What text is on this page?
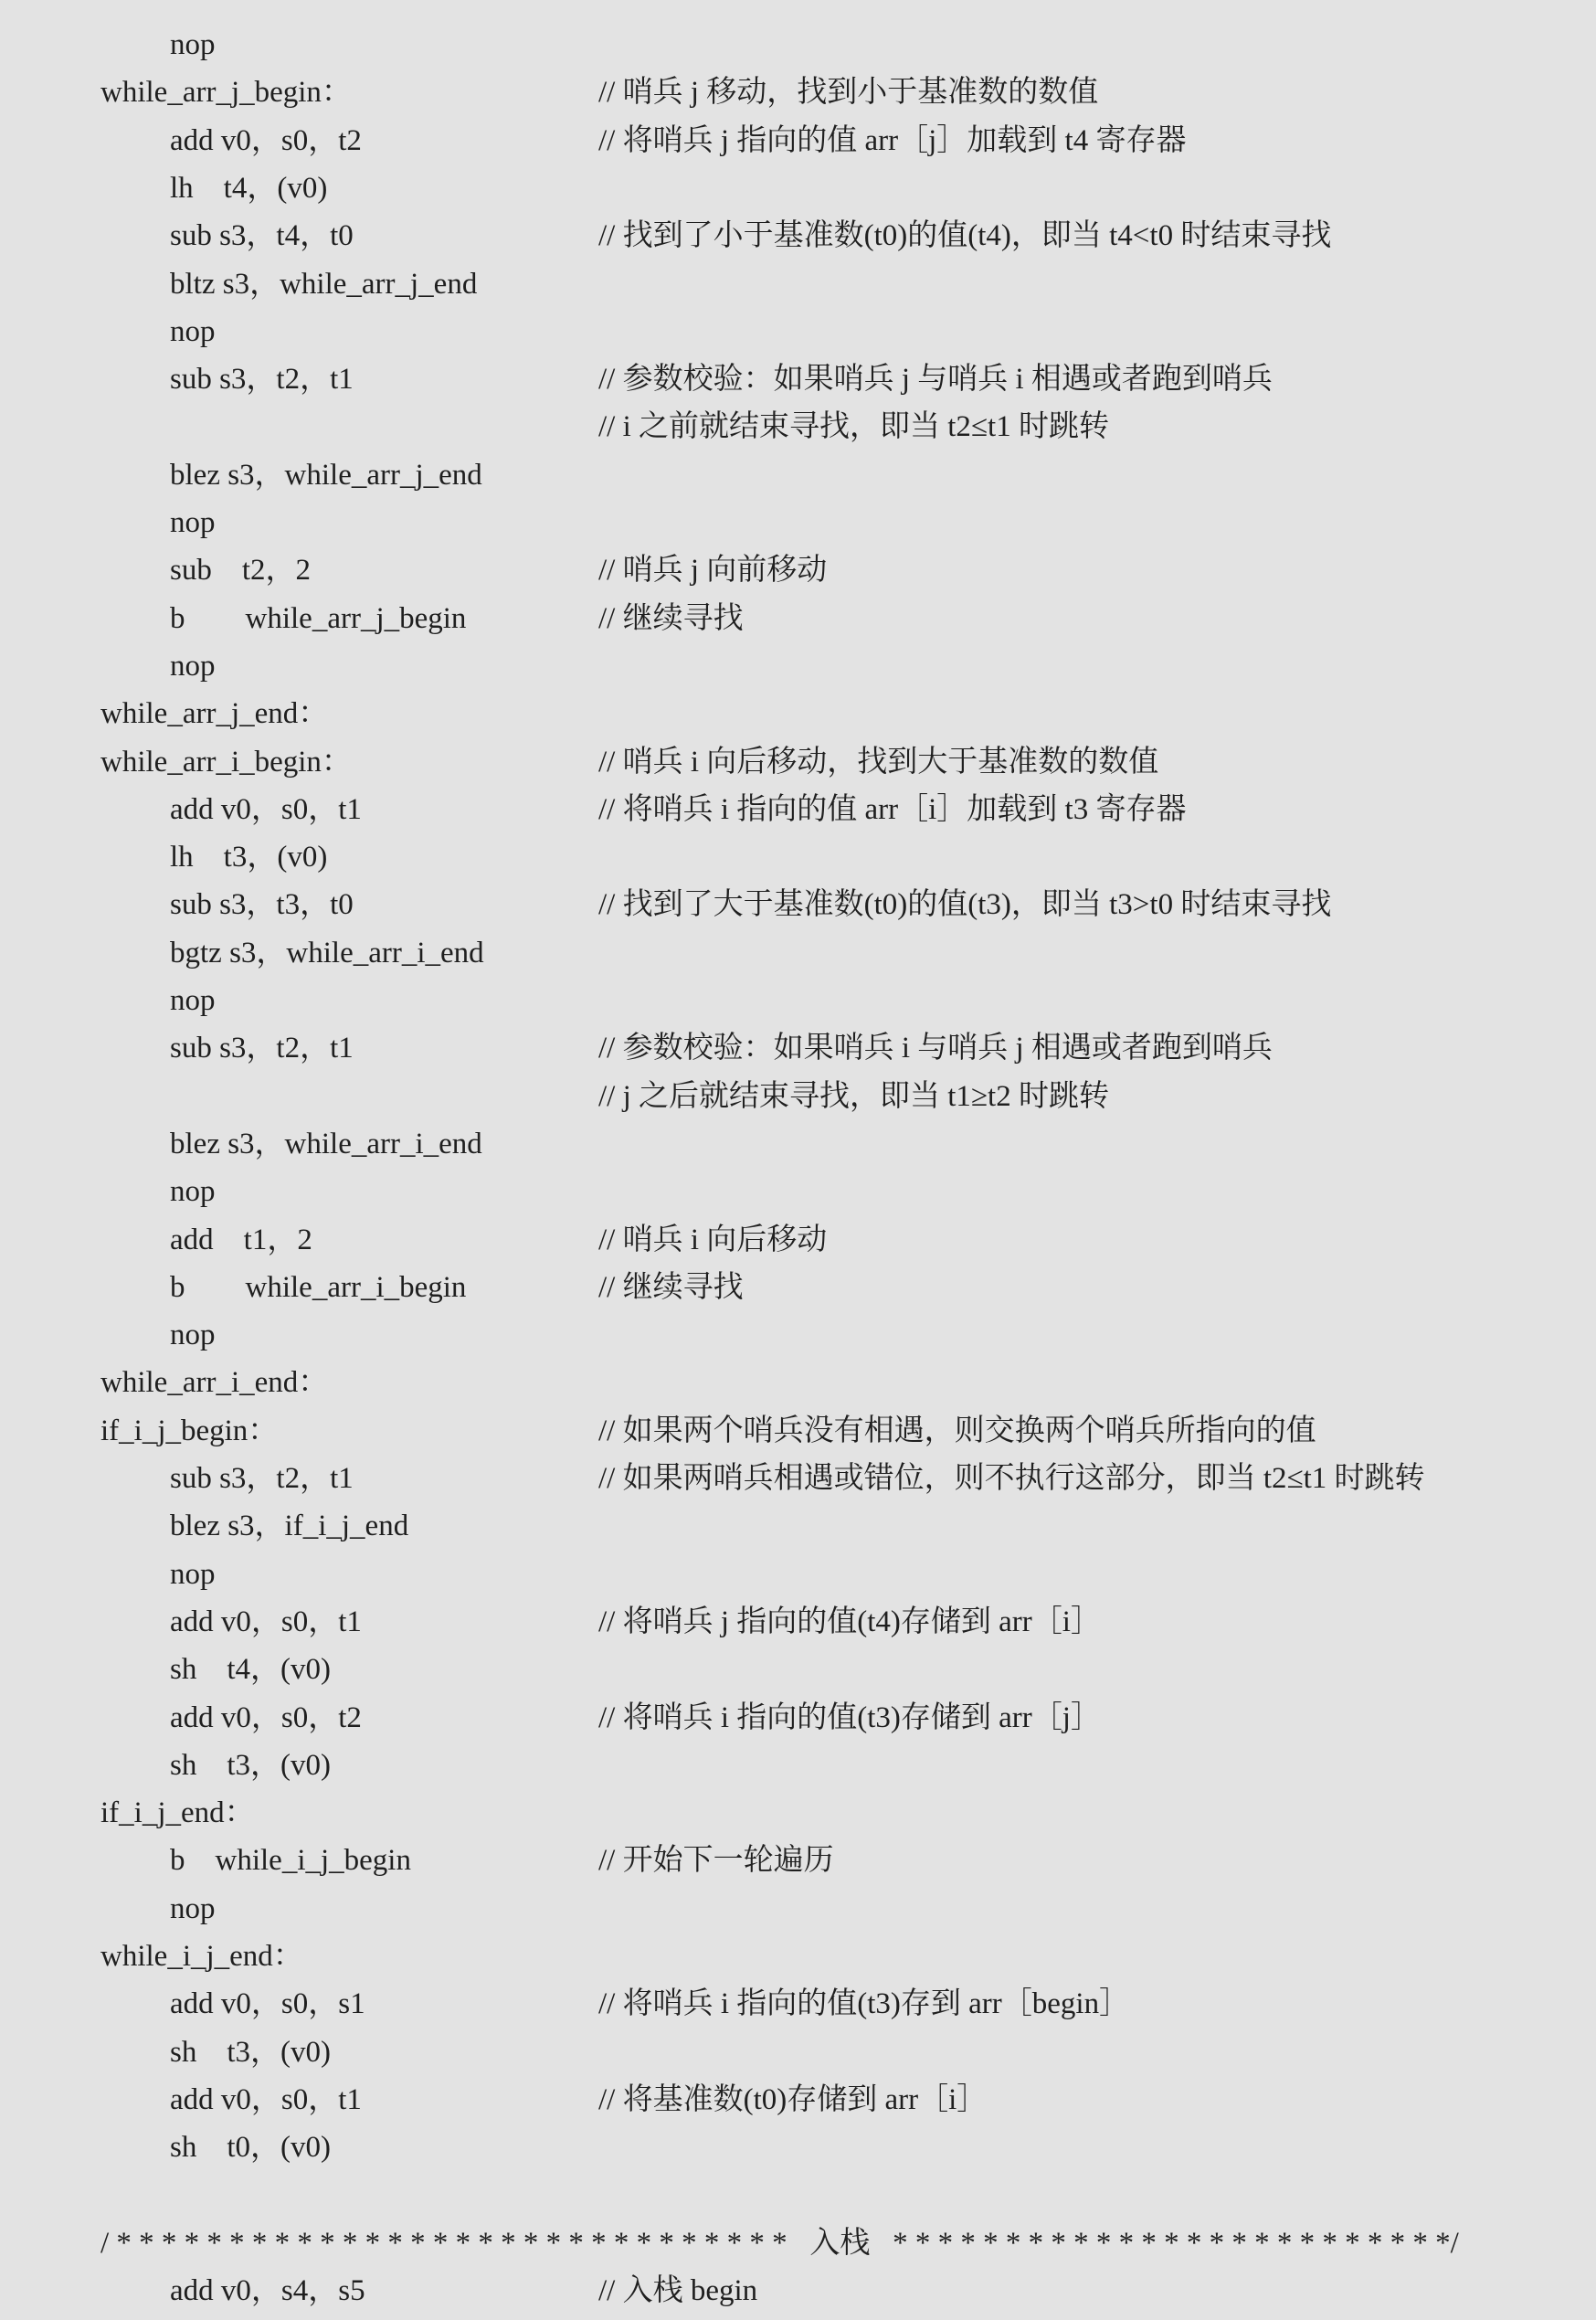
nop
while_arr_j_begin：	// 哨兵 j 移动，找到小于基准数的数值
add v0，s0，t2	// 将哨兵 j 指向的值 arr［j］加载到 t4 寄存器
lh    t4，(v0)
sub s3，t4，t0	// 找到了小于基准数(t0)的值(t4)，即当 t4<t0 时结束寻找
bltz s3，while_arr_j_end
nop
sub s3，t2，t1	// 参数校验：如果哨兵 j 与哨兵 i 相遇或者跑到哨兵
// i 之前就结束寻找，即当 t2≤t1 时跳转
blez s3，while_arr_j_end
nop
sub    t2，2	// 哨兵 j 向前移动
b        while_arr_j_begin	// 继续寻找
nop
while_arr_j_end：
while_arr_i_begin：	// 哨兵 i 向后移动，找到大于基准数的数值
add v0，s0，t1	// 将哨兵 i 指向的值 arr［i］加载到 t3 寄存器
lh    t3，(v0)
sub s3，t3，t0	// 找到了大于基准数(t0)的值(t3)，即当 t3>t0 时结束寻找
bgtz s3，while_arr_i_end
nop
sub s3，t2，t1	// 参数校验：如果哨兵 i 与哨兵 j 相遇或者跑到哨兵
// j 之后就结束寻找，即当 t1≥t2 时跳转
blez s3，while_arr_i_end
nop
add    t1，2	// 哨兵 i 向后移动
b        while_arr_i_begin	// 继续寻找
nop
while_arr_i_end：
if_i_j_begin：	// 如果两个哨兵没有相遇，则交换两个哨兵所指向的值
sub s3，t2，t1	// 如果两哨兵相遇或错位，则不执行这部分，即当 t2≤t1 时跳转
blez s3，if_i_j_end
nop
add v0，s0，t1	// 将哨兵 j 指向的值(t4)存储到 arr［i］
sh    t4，(v0)
add v0，s0，t2	// 将哨兵 i 指向的值(t3)存储到 arr［j］
sh    t3，(v0)
if_i_j_end：
b    while_i_j_begin	// 开始下一轮遍历
nop
while_i_j_end：
add v0，s0，s1	// 将哨兵 i 指向的值(t3)存到 arr［begin］
sh    t3，(v0)
add v0，s0，t1	// 将基准数(t0)存储到 arr［i］
sh    t0，(v0)
/ * * * * * * * * * * * * * * * * * * * * * * * * * * * * * *   入栈   * * * * * * * * * * * * * * * * * * * * * * * * */
add v0，s4，s5	// 入栈 begin
